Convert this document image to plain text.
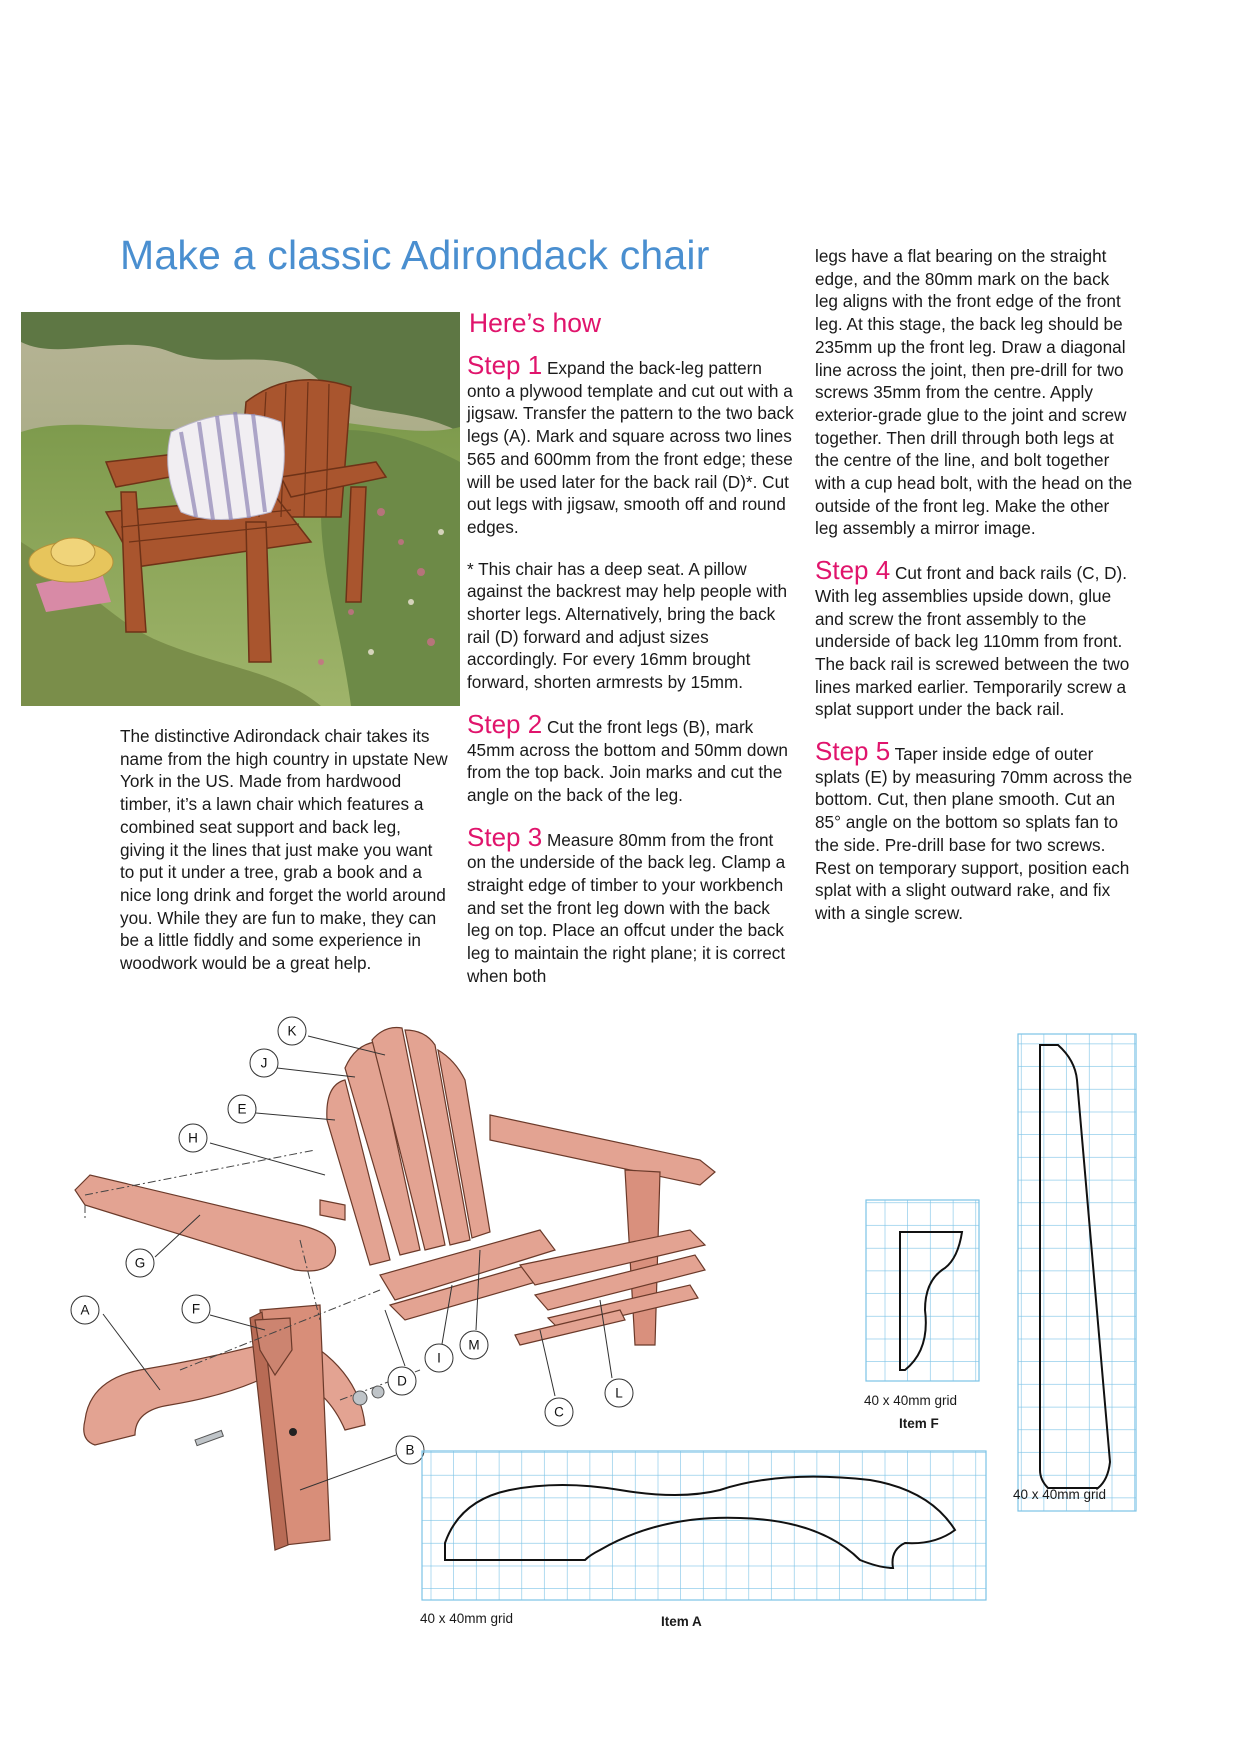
Make a classic Adirondack chair

The distinctive Adirondack chair takes its name from the high country in upstate New York in the US. Made from hardwood timber, it’s a lawn chair which features a combined seat support and back leg, giving it the lines that just make you want to put it under a tree, grab a book and a nice long drink and forget the world around you. While they are fun to make, they can be a little fiddly and some experience in woodwork would be a great help.

Here’s how

Step 1 Expand the back-leg pattern onto a plywood template and cut out with a jigsaw. Transfer the pattern to the two back legs (A). Mark and square across two lines 565 and 600mm from the front edge; these will be used later for the back rail (D)*. Cut out legs with jigsaw, smooth off and round edges.

* This chair has a deep seat. A pillow against the backrest may help people with shorter legs. Alternatively, bring the back rail (D) forward and adjust sizes accordingly. For every 16mm brought forward, shorten armrests by 15mm.

Step 2 Cut the front legs (B), mark 45mm across the bottom and 50mm down from the top back. Join marks and cut the angle on the back of the leg.

Step 3 Measure 80mm from the front on the underside of the back leg. Clamp a straight edge of timber to your workbench and set the front leg down with the back leg on top. Place an offcut under the back leg to maintain the right plane; it is correct when both

legs have a flat bearing on the straight edge, and the 80mm mark on the back leg aligns with the front edge of the front leg. At this stage, the back leg should be 235mm up the front leg. Draw a diagonal line across the joint, then pre-drill for two screws 35mm from the centre. Apply exterior-grade glue to the joint and screw together. Then drill through both legs at the centre of the line, and bolt together with a cup head bolt, with the head on the outside of the front leg. Make the other leg assembly a mirror image.

Step 4 Cut front and back rails (C, D). With leg assemblies upside down, glue and screw the front assembly to the underside of back leg 110mm from front. The back rail is screwed between the two lines marked earlier. Temporarily screw a splat support under the back rail.

Step 5 Taper inside edge of outer splats (E) by measuring 70mm across the bottom. Cut, then plane smooth. Cut an 85° angle on the bottom so splats fan to the side. Pre-drill base for two screws. Rest on temporary support, position each splat with a slight outward rake, and fix with a single screw.

K
J
E
H
G
A	F
D
I
M
C
L
B
40 x 40mm grid
Item F
40 x 40mm grid
40 x 40mm grid	Item A
